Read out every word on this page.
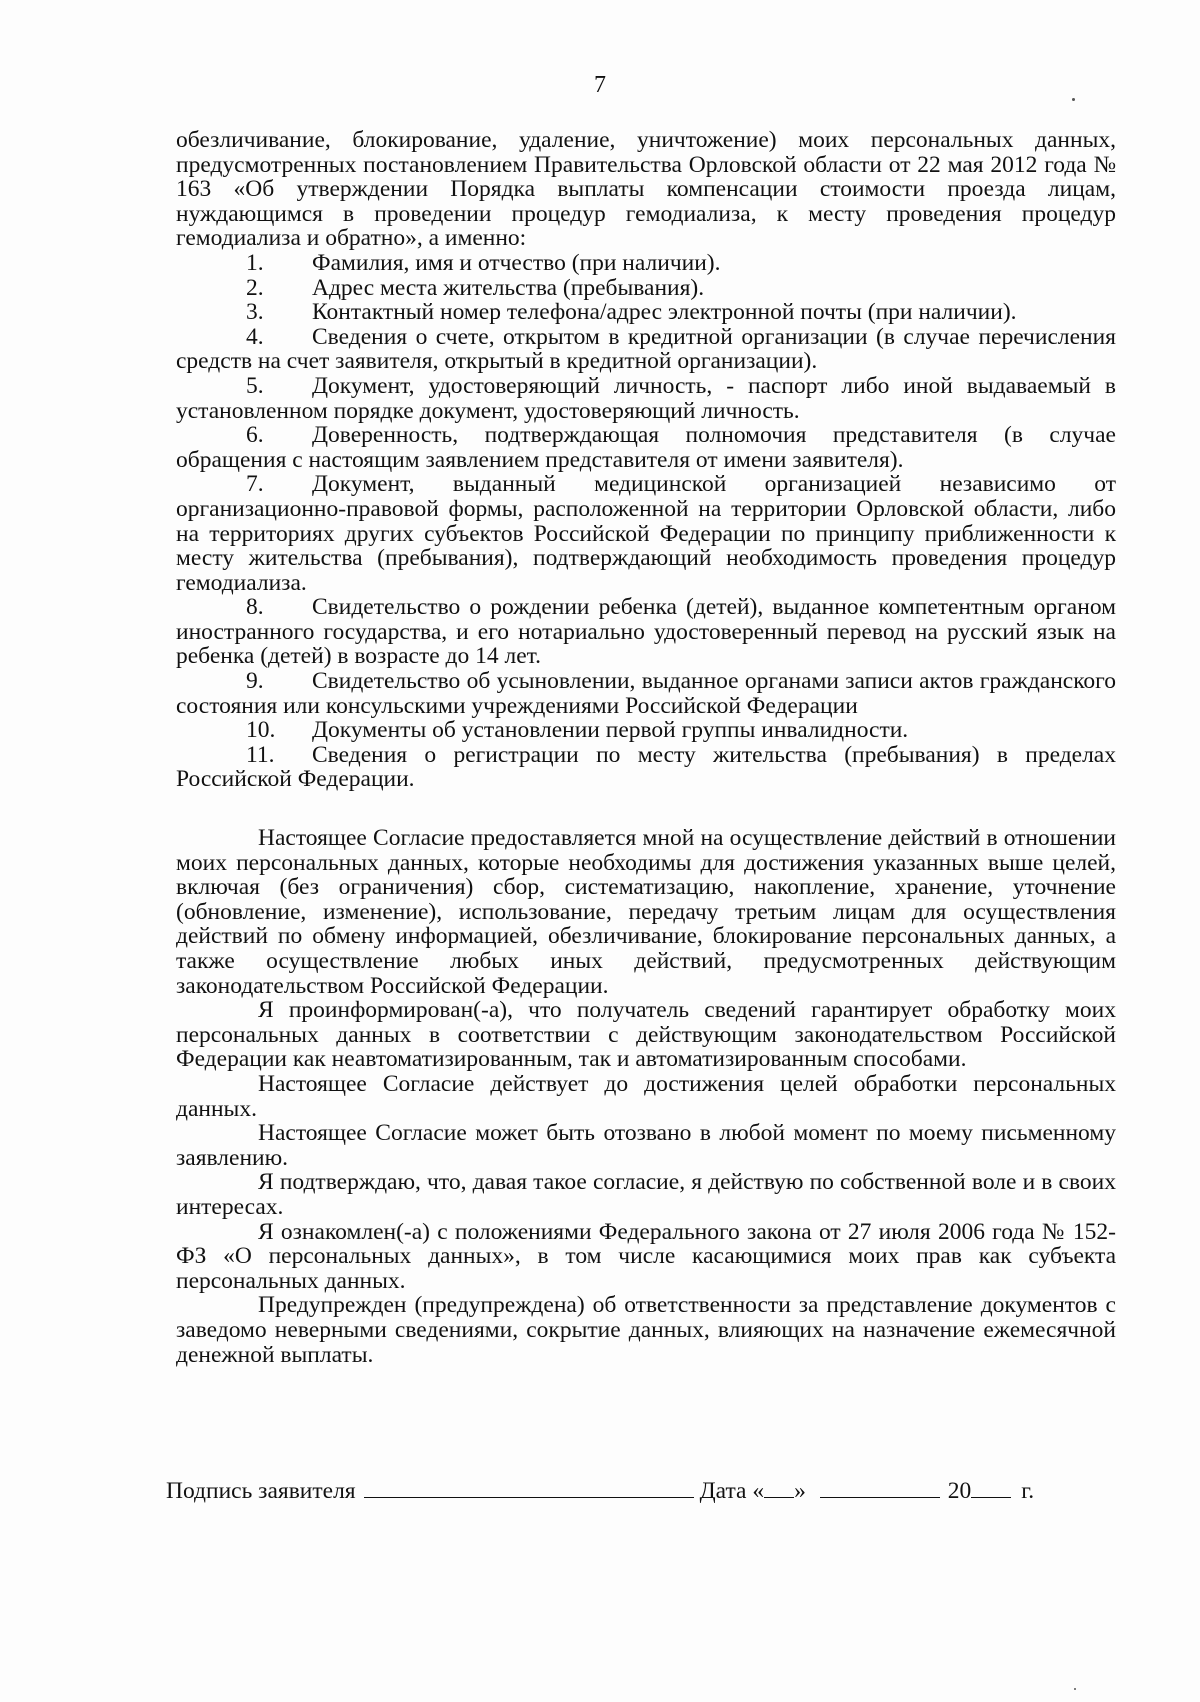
7

обезличивание, блокирование, удаление, уничтожение) моих персональных данных, предусмотренных постановлением Правительства Орловской области от 22 мая 2012 года № 163 «Об утверждении Порядка выплаты компенсации стоимости проезда лицам, нуждающимся в проведении процедур гемодиализа, к месту проведения процедур гемодиализа и обратно», а именно:

1. Фамилия, имя и отчество (при наличии).

2. Адрес места жительства (пребывания).

3. Контактный номер телефона/адрес электронной почты (при наличии).

4. Сведения о счете, открытом в кредитной организации (в случае перечисления средств на счет заявителя, открытый в кредитной организации).

5. Документ, удостоверяющий личность, - паспорт либо иной выдаваемый в установленном порядке документ, удостоверяющий личность.

6. Доверенность, подтверждающая полномочия представителя (в случае обращения с настоящим заявлением представителя от имени заявителя).

7. Документ, выданный медицинской организацией независимо от организационно-правовой формы, расположенной на территории Орловской области, либо на территориях других субъектов Российской Федерации по принципу приближенности к месту жительства (пребывания), подтверждающий необходимость проведения процедур гемодиализа.

8. Свидетельство о рождении ребенка (детей), выданное компетентным органом иностранного государства, и его нотариально удостоверенный перевод на русский язык на ребенка (детей) в возрасте до 14 лет.

9. Свидетельство об усыновлении, выданное органами записи актов гражданского состояния или консульскими учреждениями Российской Федерации

10. Документы об установлении первой группы инвалидности.

11. Сведения о регистрации по месту жительства (пребывания) в пределах Российской Федерации.

Настоящее Согласие предоставляется мной на осуществление действий в отношении моих персональных данных, которые необходимы для достижения указанных выше целей, включая (без ограничения) сбор, систематизацию, накопление, хранение, уточнение (обновление, изменение), использование, передачу третьим лицам для осуществления действий по обмену информацией, обезличивание, блокирование персональных данных, а также осуществление любых иных действий, предусмотренных действующим законодательством Российской Федерации.

Я проинформирован(-а), что получатель сведений гарантирует обработку моих персональных данных в соответствии с действующим законодательством Российской Федерации как неавтоматизированным, так и автоматизированным способами.

Настоящее Согласие действует до достижения целей обработки персональных данных.

Настоящее Согласие может быть отозвано в любой момент по моему письменному заявлению.

Я подтверждаю, что, давая такое согласие, я действую по собственной воле и в своих интересах.

Я ознакомлен(-а) с положениями Федерального закона от 27 июля 2006 года № 152-ФЗ «О персональных данных», в том числе касающимися моих прав как субъекта персональных данных.

Предупрежден (предупреждена) об ответственности за представление документов с заведомо неверными сведениями, сокрытие данных, влияющих на назначение ежемесячной денежной выплаты.

Подпись заявителя	Дата « »	20 г.
